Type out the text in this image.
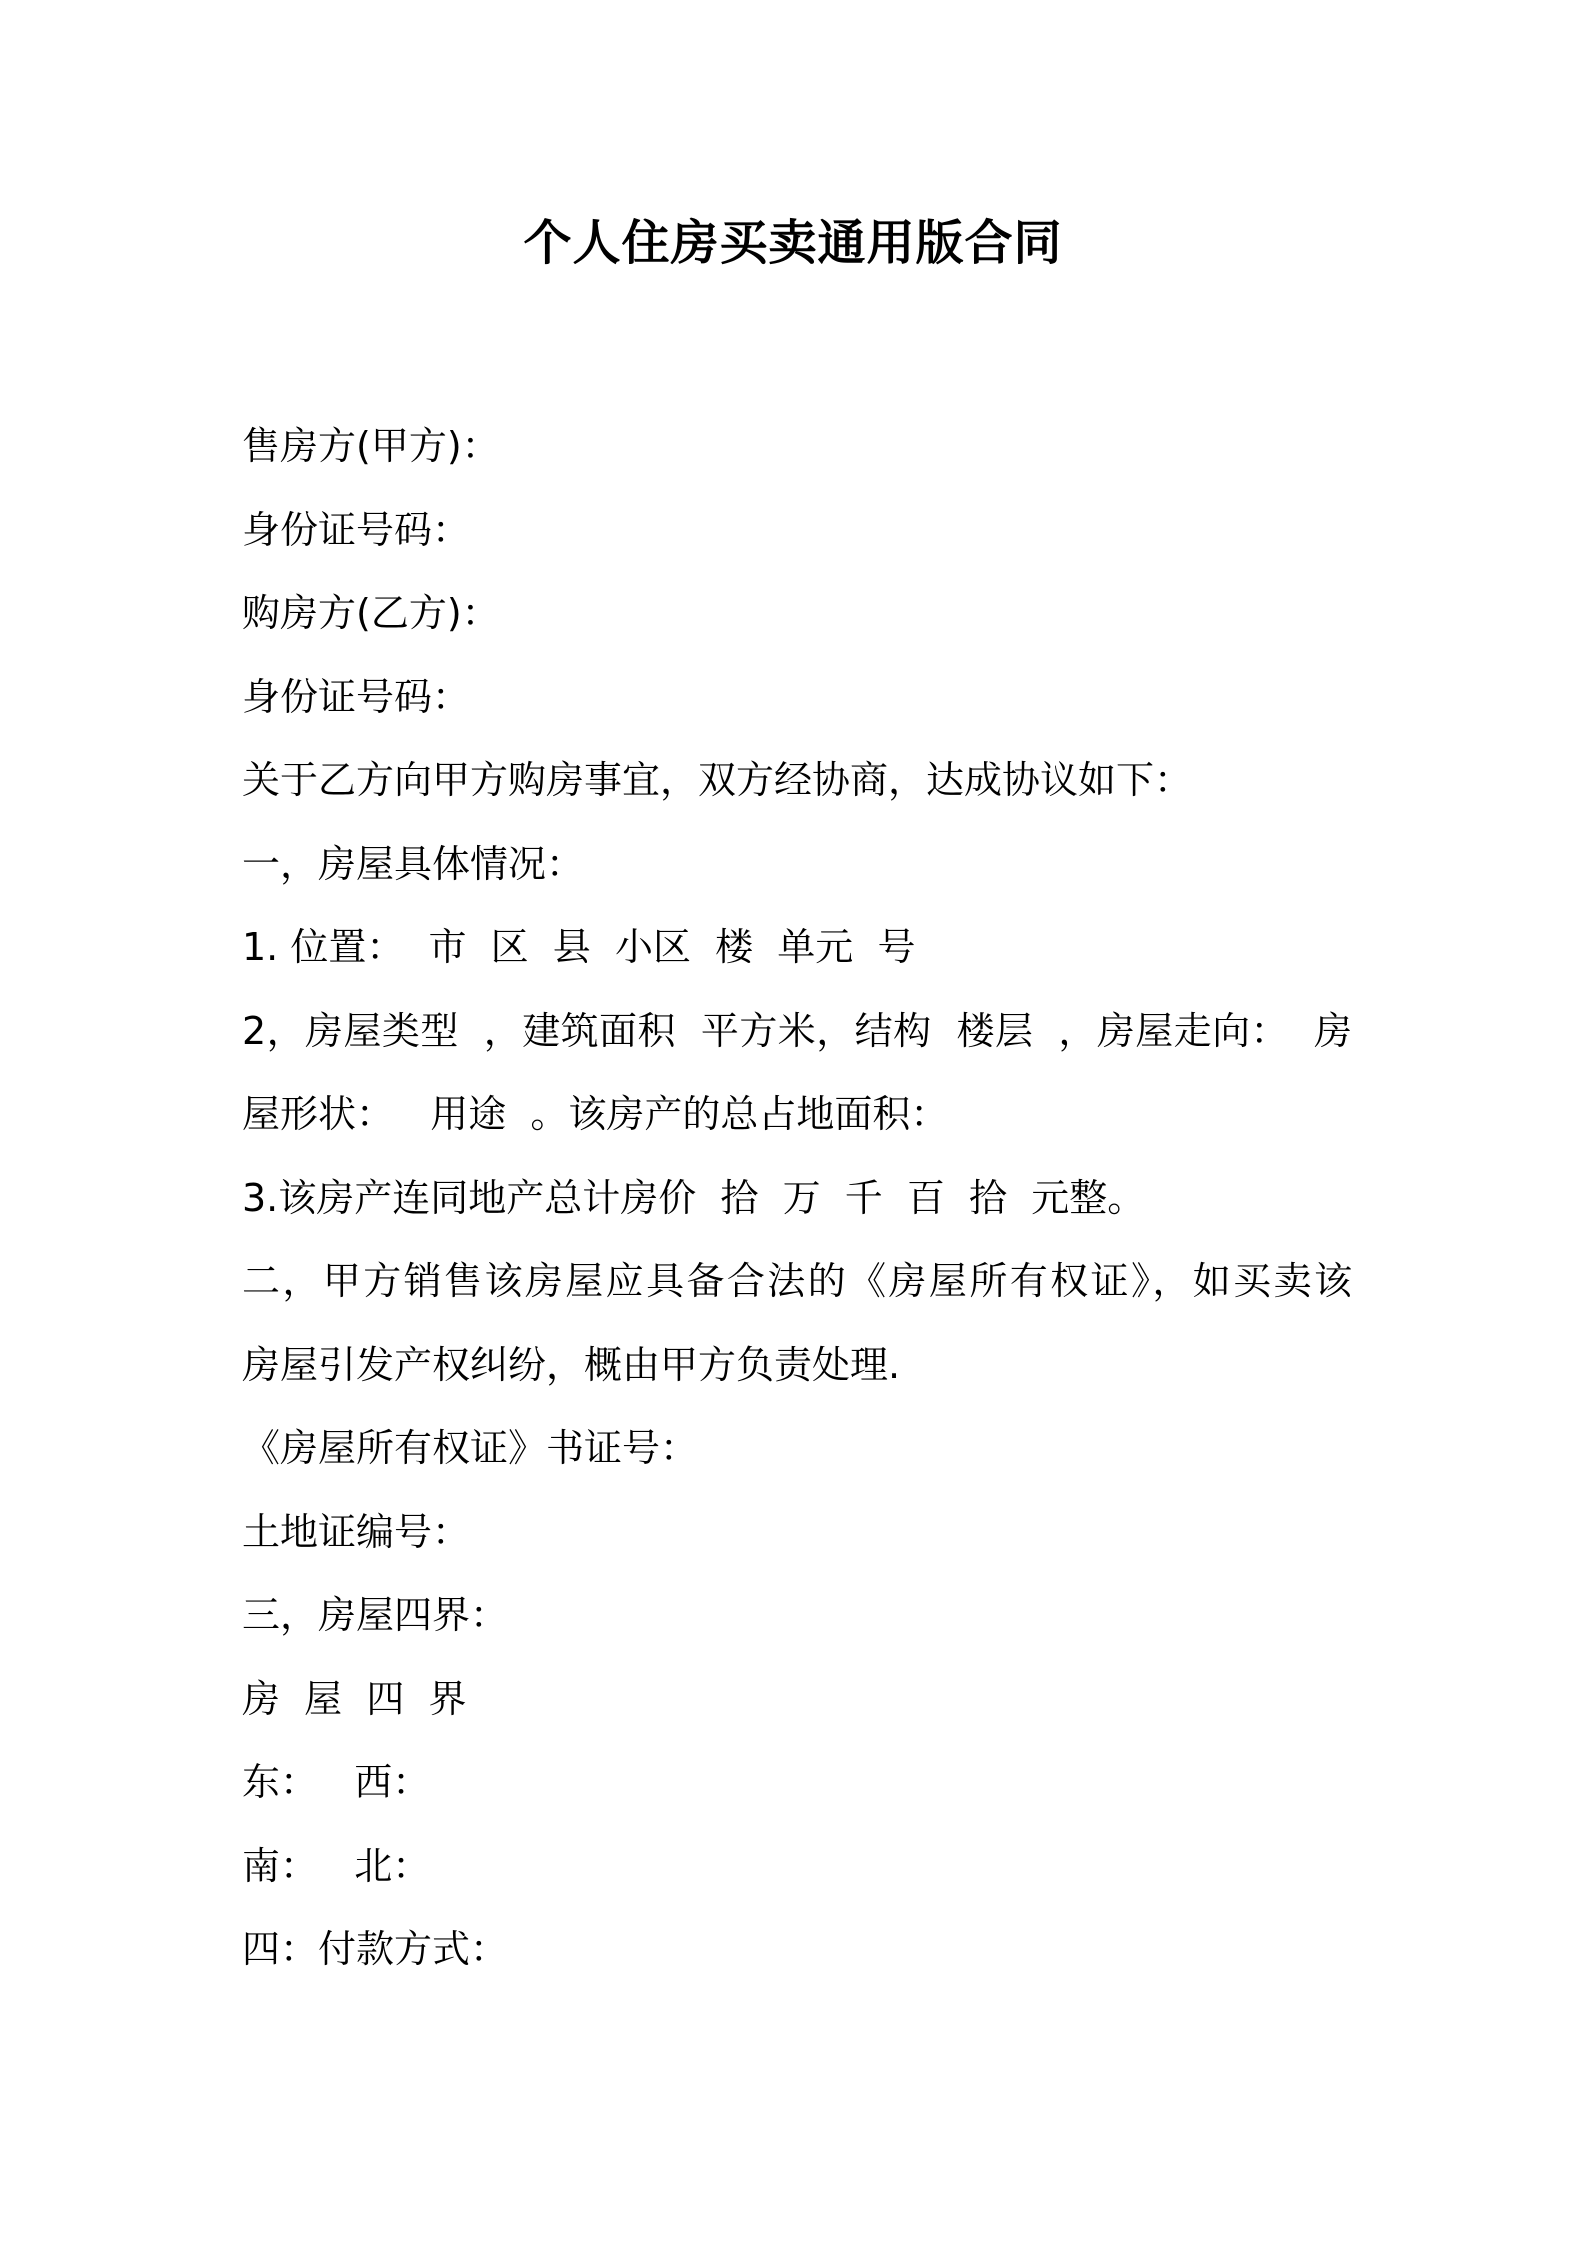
个人住房买卖通用版合同
售房方(甲方)：
身份证号码：
购房方(乙方)：
身份证号码：
关于乙方向甲方购房事宜，双方经协商，达成协议如下：
一，房屋具体情况：
1. 位置：  市  区  县  小区  楼  单元  号
2，房屋类型  ，建筑面积  平方米，结构  楼层  ，房屋走向：  房
屋形状：   用途  。该房产的总占地面积：
3.该房产连同地产总计房价  拾  万  千  百  拾  元整。
二，甲方销售该房屋应具备合法的《房屋所有权证》，如买卖该
房屋引发产权纠纷，概由甲方负责处理.
《房屋所有权证》书证号：
土地证编号：
三，房屋四界：
房  屋  四  界
东：   西：
南：   北：
四：付款方式：
